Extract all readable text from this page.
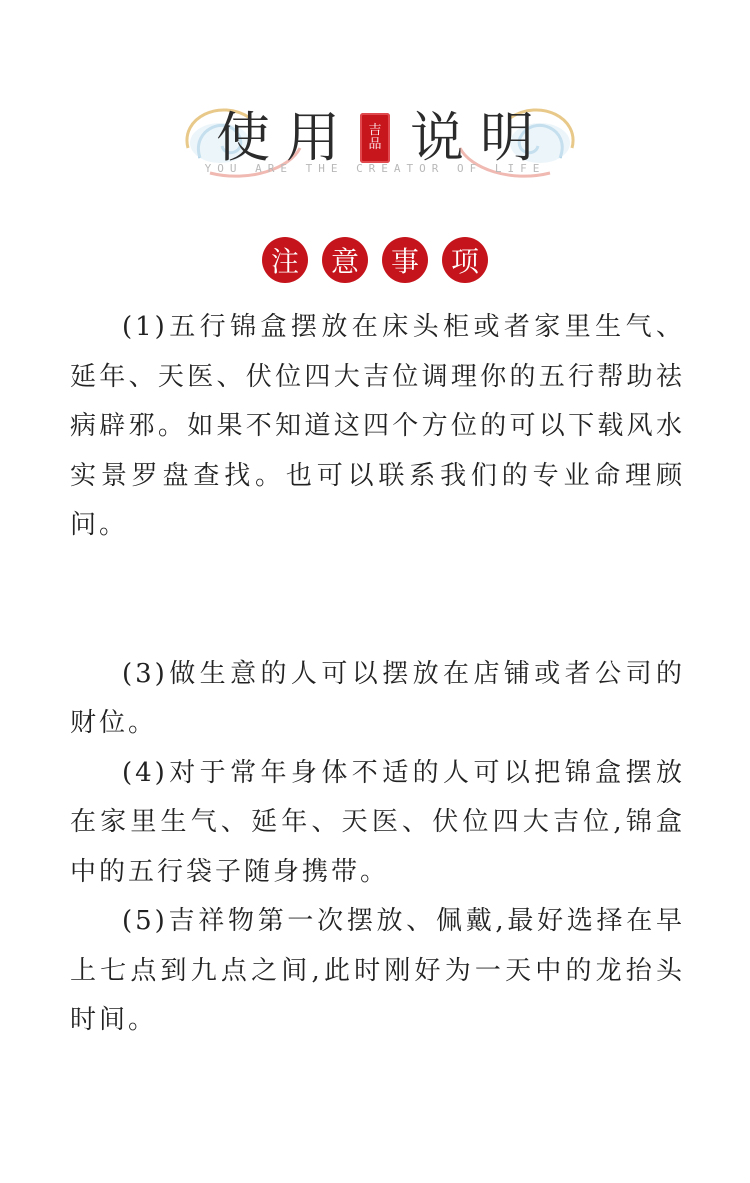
使 用 吉
品 说 明
YOU ARE THE CREATOR OF LIFE
注	意	事	项

(1)五行锦盒摆放在床头柜或者家里生气、延年、天医、伏位四大吉位调理你的五行帮助祛病辟邪。如果不知道这四个方位的可以下载风水实景罗盘查找。也可以联系我们的专业命理顾问。

(3)做生意的人可以摆放在店铺或者公司的财位。

(4)对于常年身体不适的人可以把锦盒摆放在家里生气、延年、天医、伏位四大吉位,锦盒中的五行袋子随身携带。

(5)吉祥物第一次摆放、佩戴,最好选择在早上七点到九点之间,此时刚好为一天中的龙抬头时间。
